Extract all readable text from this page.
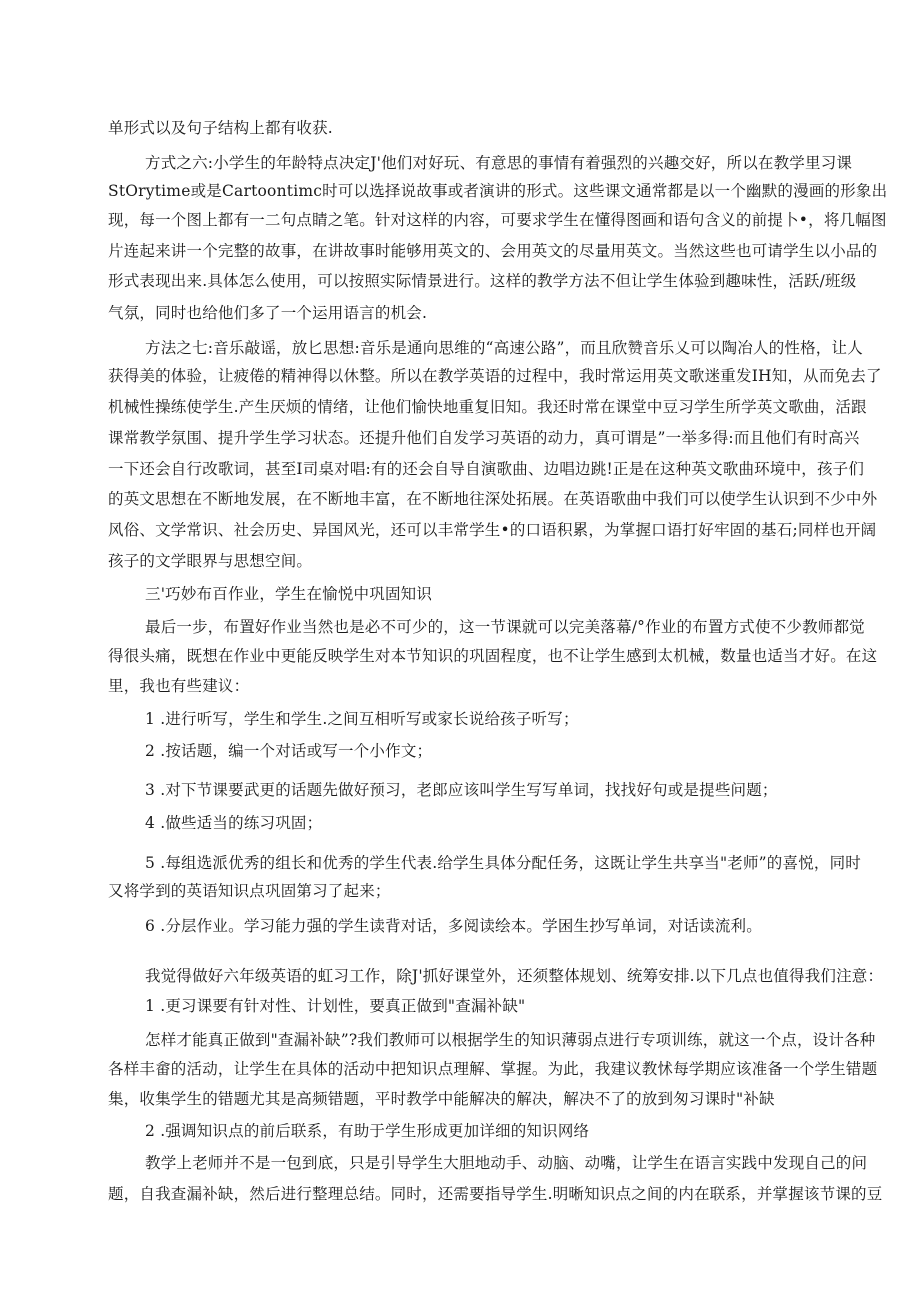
单形式以及句子结构上都有收获.
方式之六:小学生的年龄特点决定J'他们对好玩、有意思的事情有着强烈的兴趣交好，所以在教学里习课
StOrytime或是Cartoontimc时可以选择说故事或者演讲的形式。这些课文通常都是以一个幽默的漫画的形象出
现，每一个图上都有一二句点睛之笔。针对这样的内容，可要求学生在懂得图画和语句含义的前提卜•，将几幅图
片连起来讲一个完整的故事，在讲故事时能够用英文的、会用英文的尽量用英文。当然这些也可请学生以小品的
形式表现出来.具体怎么使用，可以按照实际情景进行。这样的教学方法不但让学生体验到趣味性，活跃/班级
气氛，同时也给他们多了一个运用语言的机会.
方法之七:音乐敲谣，放匕思想:音乐是通向思维的“高速公路”，而且欣赞音乐乂可以陶冶人的性格，让人
获得美的体验，让疲倦的精神得以休整。所以在教学英语的过程中，我时常运用英文歌迷重发IH知，从而免去了
机械性操练使学生.产生厌烦的情绪，让他们愉快地重复旧知。我还时常在课堂中豆习学生所学英文歌曲，活跟
课常教学氛围、提升学生学习状态。还提升他们自发学习英语的动力，真可谓是”一举多得:而且他们有时高兴
一下还会自行改歌词，甚至I司桌对唱:有的还会自导自演歌曲、边唱边跳!正是在这种英文歌曲环境中，孩子们
的英文思想在不断地发展，在不断地丰富，在不断地往深处拓展。在英语歌曲中我们可以使学生认识到不少中外
风俗、文学常识、社会历史、异国风光，还可以丰常学生•的口语积累，为掌握口语打好牢固的基石;同样也开阔
孩子的文学眼界与思想空间。
三'巧妙布百作业，学生在愉悦中巩固知识
最后一步，布置好作业当然也是必不可少的，这一节课就可以完美落幕/°作业的布置方式使不少教师都觉
得很头痛，既想在作业中更能反映学生对本节知识的巩固程度，也不让学生感到太机械，数量也适当才好。在这
里，我也有些建议：
1 .进行听写，学生和学生.之间互相听写或家长说给孩子听写；
2 .按话题，编一个对话或写一个小作文；
3 .对下节课要武更的话题先做好预习，老郎应该叫学生写写单词，找找好句或是提些问题；
4 .做些适当的练习巩固；
5 .每组选派优秀的组长和优秀的学生代表.给学生具体分配任务，这既让学生共享当"老师”的喜悦，同时
又将学到的英语知识点巩固第习了起来；
6 .分层作业。学习能力强的学生读背对话，多阅读绘本。学困生抄写单词，对话读流利。
我觉得做好六年级英语的虹习工作，除J'抓好课堂外，还须整体规划、统筹安排.以下几点也值得我们注意：
1 .更习课要有针对性、计划性，要真正做到"查漏补缺"
怎样才能真正做到"查漏补缺”?我们教师可以根据学生的知识薄弱点进行专项训练，就这一个点，设计各种
各样丰畲的活动，让学生在具体的活动中把知识点理解、掌握。为此，我建议教怵每学期应该准备一个学生错题
集，收集学生的错题尤其是高频错题，平时教学中能解决的解决，解决不了的放到匆习课时"补缺
2 .强调知识点的前后联系，有助于学生形成更加详细的知识网络
教学上老师并不是一包到底，只是引导学生大胆地动手、动脑、动嘴，让学生在语言实践中发现自己的问
题，自我查漏补缺，然后进行整理总结。同时，还需要指导学生.明晰知识点之间的内在联系，并掌握该节课的豆
